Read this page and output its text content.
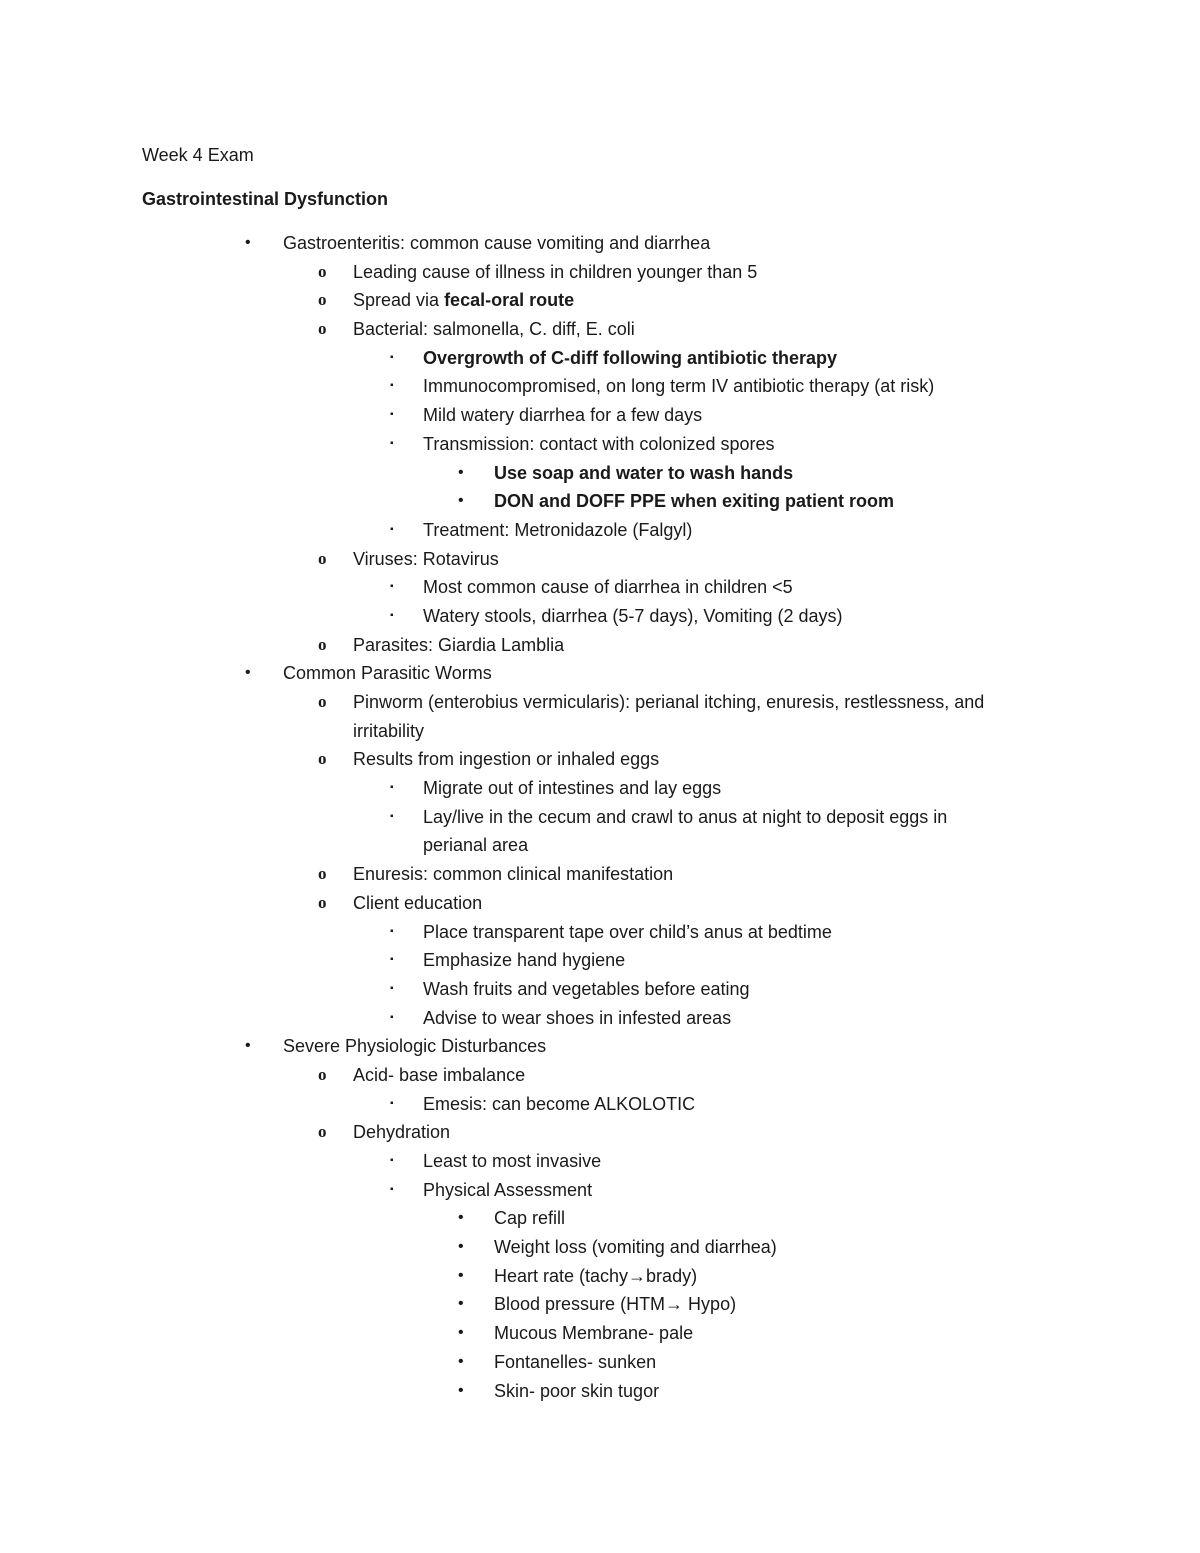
Week 4 Exam
Gastrointestinal Dysfunction
• Gastroenteritis: common cause vomiting and diarrhea
o Leading cause of illness in children younger than 5
o Spread via fecal-oral route
o Bacterial: salmonella, C. diff, E. coli
▪ Overgrowth of C-diff following antibiotic therapy
▪ Immunocompromised, on long term IV antibiotic therapy (at risk)
▪ Mild watery diarrhea for a few days
▪ Transmission: contact with colonized spores
• Use soap and water to wash hands
• DON and DOFF PPE when exiting patient room
▪ Treatment: Metronidazole (Falgyl)
o Viruses: Rotavirus
▪ Most common cause of diarrhea in children <5
▪ Watery stools, diarrhea (5-7 days), Vomiting (2 days)
o Parasites: Giardia Lamblia
• Common Parasitic Worms
o Pinworm (enterobius vermicularis): perianal itching, enuresis, restlessness, and
irritability
o Results from ingestion or inhaled eggs
▪ Migrate out of intestines and lay eggs
▪ Lay/live in the cecum and crawl to anus at night to deposit eggs in
perianal area
o Enuresis: common clinical manifestation
o Client education
▪ Place transparent tape over child’s anus at bedtime
▪ Emphasize hand hygiene
▪ Wash fruits and vegetables before eating
▪ Advise to wear shoes in infested areas
• Severe Physiologic Disturbances
o Acid- base imbalance
▪ Emesis: can become ALKOLOTIC
o Dehydration
▪ Least to most invasive
▪ Physical Assessment
• Cap refill
• Weight loss (vomiting and diarrhea)
• Heart rate (tachy→brady)
• Blood pressure (HTM→ Hypo)
• Mucous Membrane- pale
• Fontanelles- sunken
• Skin- poor skin tugor
